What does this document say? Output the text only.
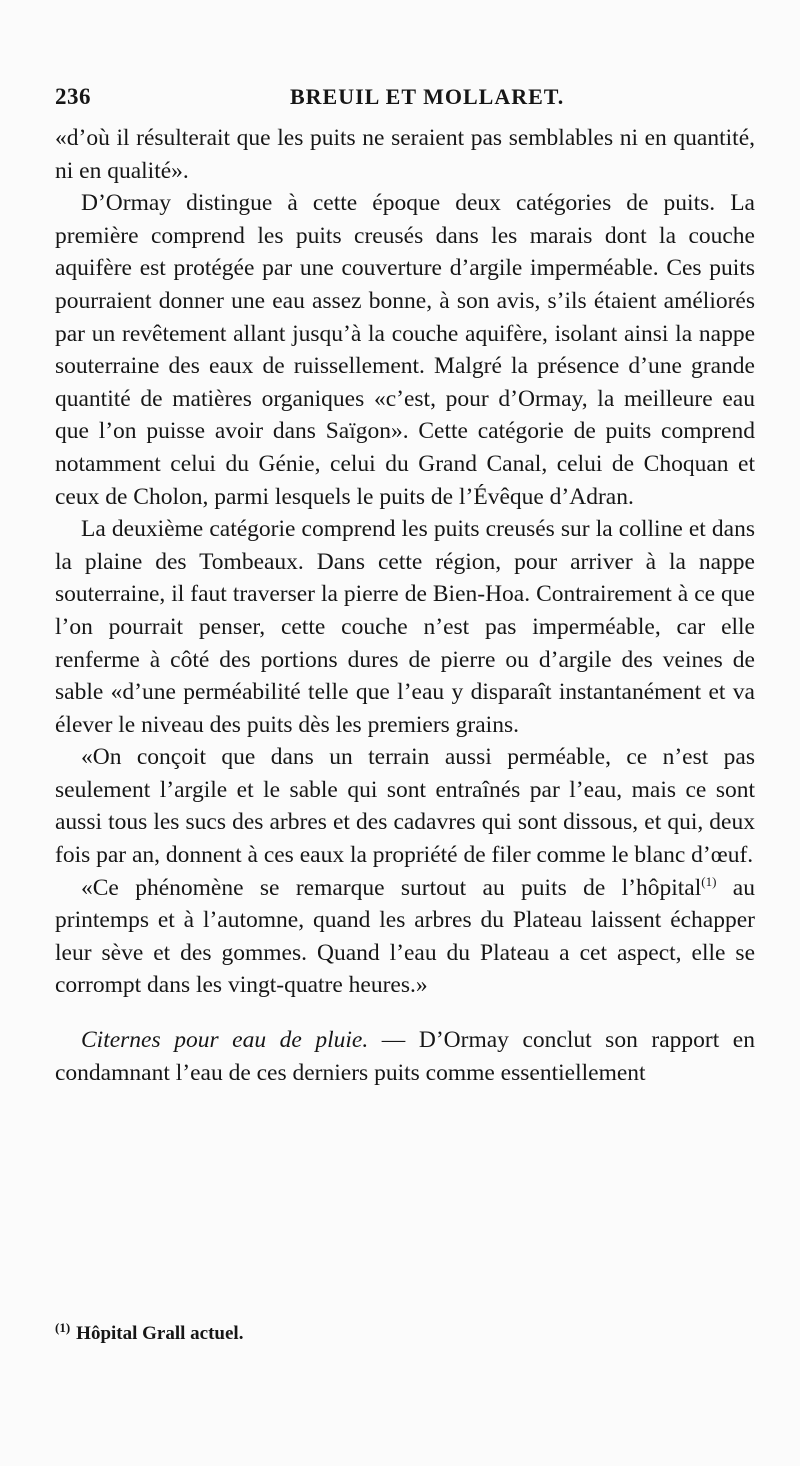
236	BREUIL ET MOLLARET.

«d’où il résulterait que les puits ne seraient pas semblables ni en quantité, ni en qualité».

D’Ormay distingue à cette époque deux catégories de puits. La première comprend les puits creusés dans les marais dont la couche aquifère est protégée par une couverture d’argile imperméable. Ces puits pourraient donner une eau assez bonne, à son avis, s’ils étaient améliorés par un revêtement allant jusqu’à la couche aquifère, isolant ainsi la nappe souterraine des eaux de ruissellement. Malgré la présence d’une grande quantité de matières organiques «c’est, pour d’Ormay, la meilleure eau que l’on puisse avoir dans Saïgon». Cette catégorie de puits comprend notamment celui du Génie, celui du Grand Canal, celui de Choquan et ceux de Cholon, parmi lesquels le puits de l’Évêque d’Adran.

La deuxième catégorie comprend les puits creusés sur la colline et dans la plaine des Tombeaux. Dans cette région, pour arriver à la nappe souterraine, il faut traverser la pierre de Bien-Hoa. Contrairement à ce que l’on pourrait penser, cette couche n’est pas imperméable, car elle renferme à côté des portions dures de pierre ou d’argile des veines de sable «d’une perméabilité telle que l’eau y disparaît instantanément et va élever le niveau des puits dès les premiers grains.

«On conçoit que dans un terrain aussi perméable, ce n’est pas seulement l’argile et le sable qui sont entraînés par l’eau, mais ce sont aussi tous les sucs des arbres et des cadavres qui sont dissous, et qui, deux fois par an, donnent à ces eaux la propriété de filer comme le blanc d’œuf.

«Ce phénomène se remarque surtout au puits de l’hôpital$^{(1)}$ au printemps et à l’automne, quand les arbres du Plateau laissent échapper leur sève et des gommes. Quand l’eau du Plateau a cet aspect, elle se corrompt dans les vingt-quatre heures.»

Citernes pour eau de pluie. — D’Ormay conclut son rapport en condamnant l’eau de ces derniers puits comme essentiellement

$^{(1)}$ Hôpital Grall actuel.
